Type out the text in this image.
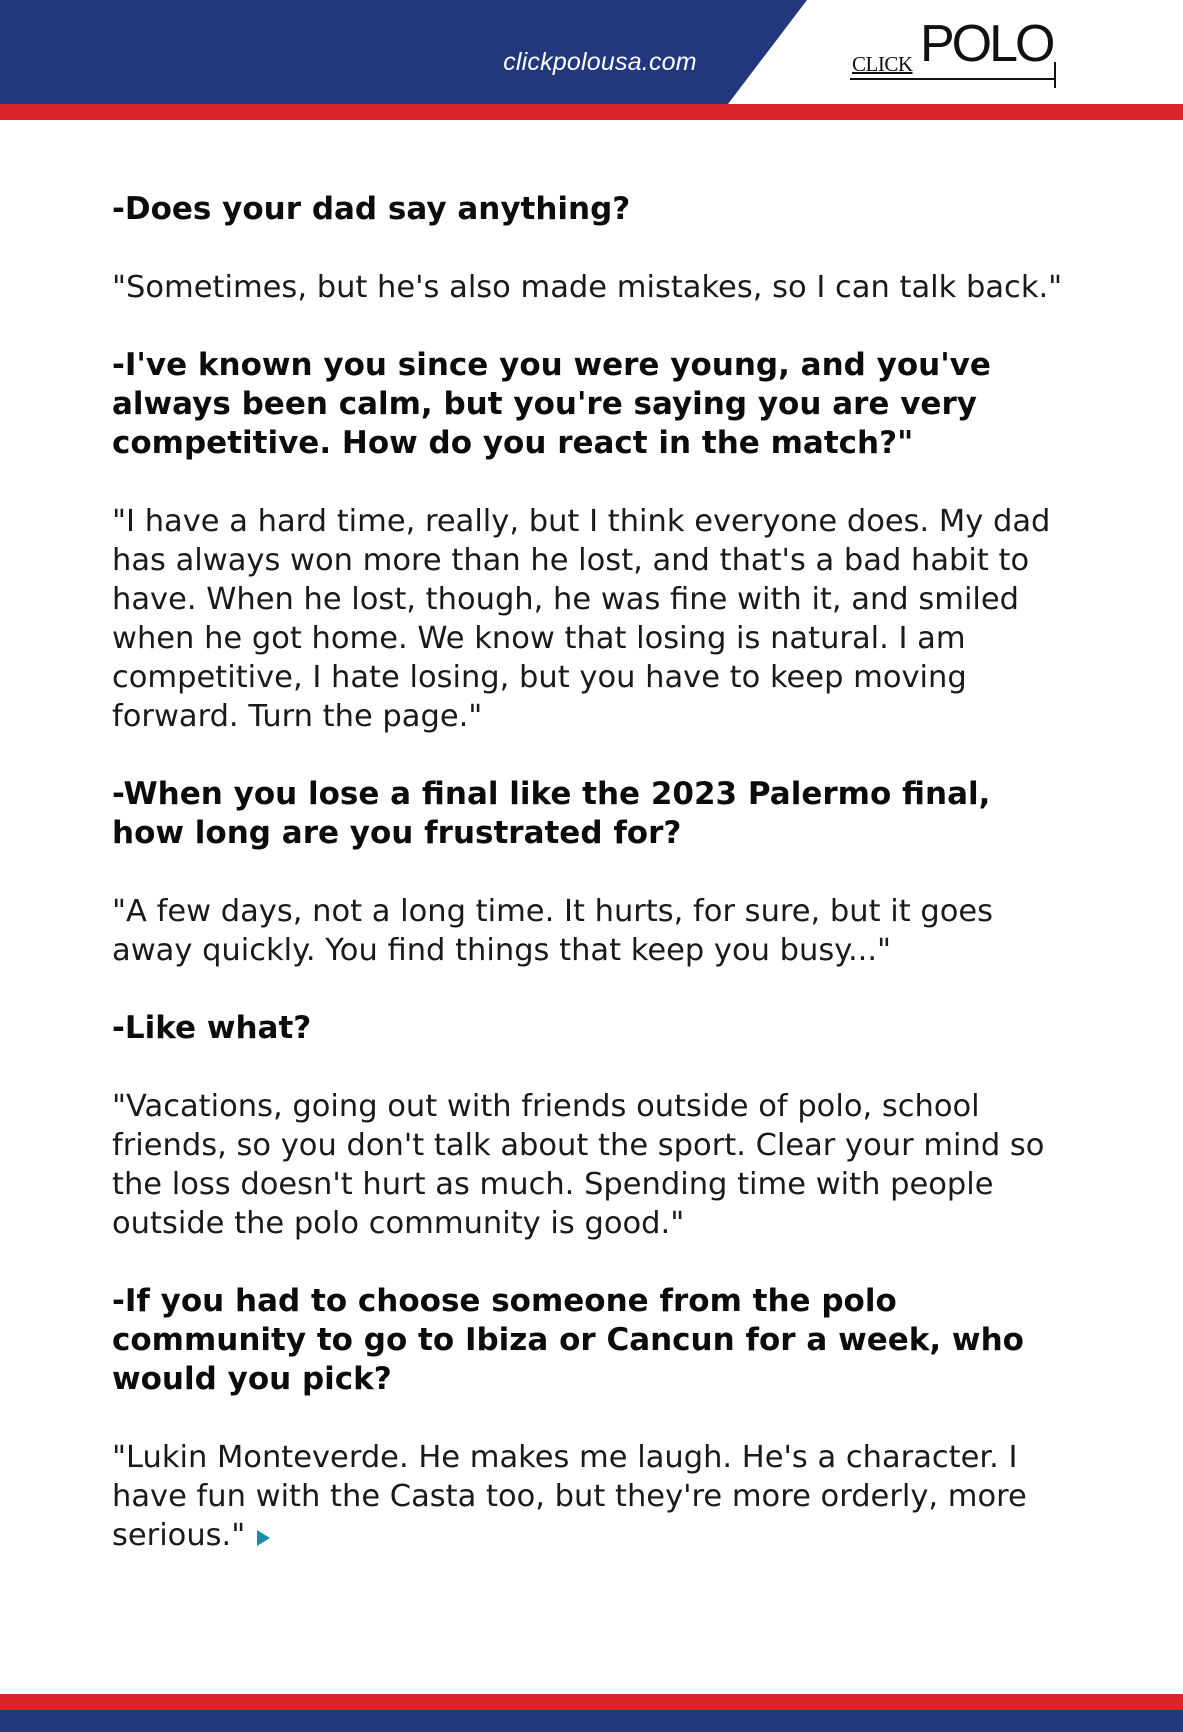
clickpolousa.com	CLICK POLO

-Does your dad say anything?

"Sometimes, but he's also made mistakes, so I can talk back."

-I've known you since you were young, and you've always been calm, but you're saying you are very competitive. How do you react in the match?"

"I have a hard time, really, but I think everyone does. My dad has always won more than he lost, and that's a bad habit to have. When he lost, though, he was fine with it, and smiled when he got home. We know that losing is natural. I am competitive, I hate losing, but you have to keep moving forward. Turn the page."

-When you lose a final like the 2023 Palermo final, how long are you frustrated for?

"A few days, not a long time. It hurts, for sure, but it goes away quickly. You find things that keep you busy..."

-Like what?

"Vacations, going out with friends outside of polo, school friends, so you don't talk about the sport. Clear your mind so the loss doesn't hurt as much. Spending time with people outside the polo community is good."

-If you had to choose someone from the polo community to go to Ibiza or Cancun for a week, who would you pick?

"Lukin Monteverde. He makes me laugh. He's a character. I have fun with the Casta too, but they're more orderly, more serious."
